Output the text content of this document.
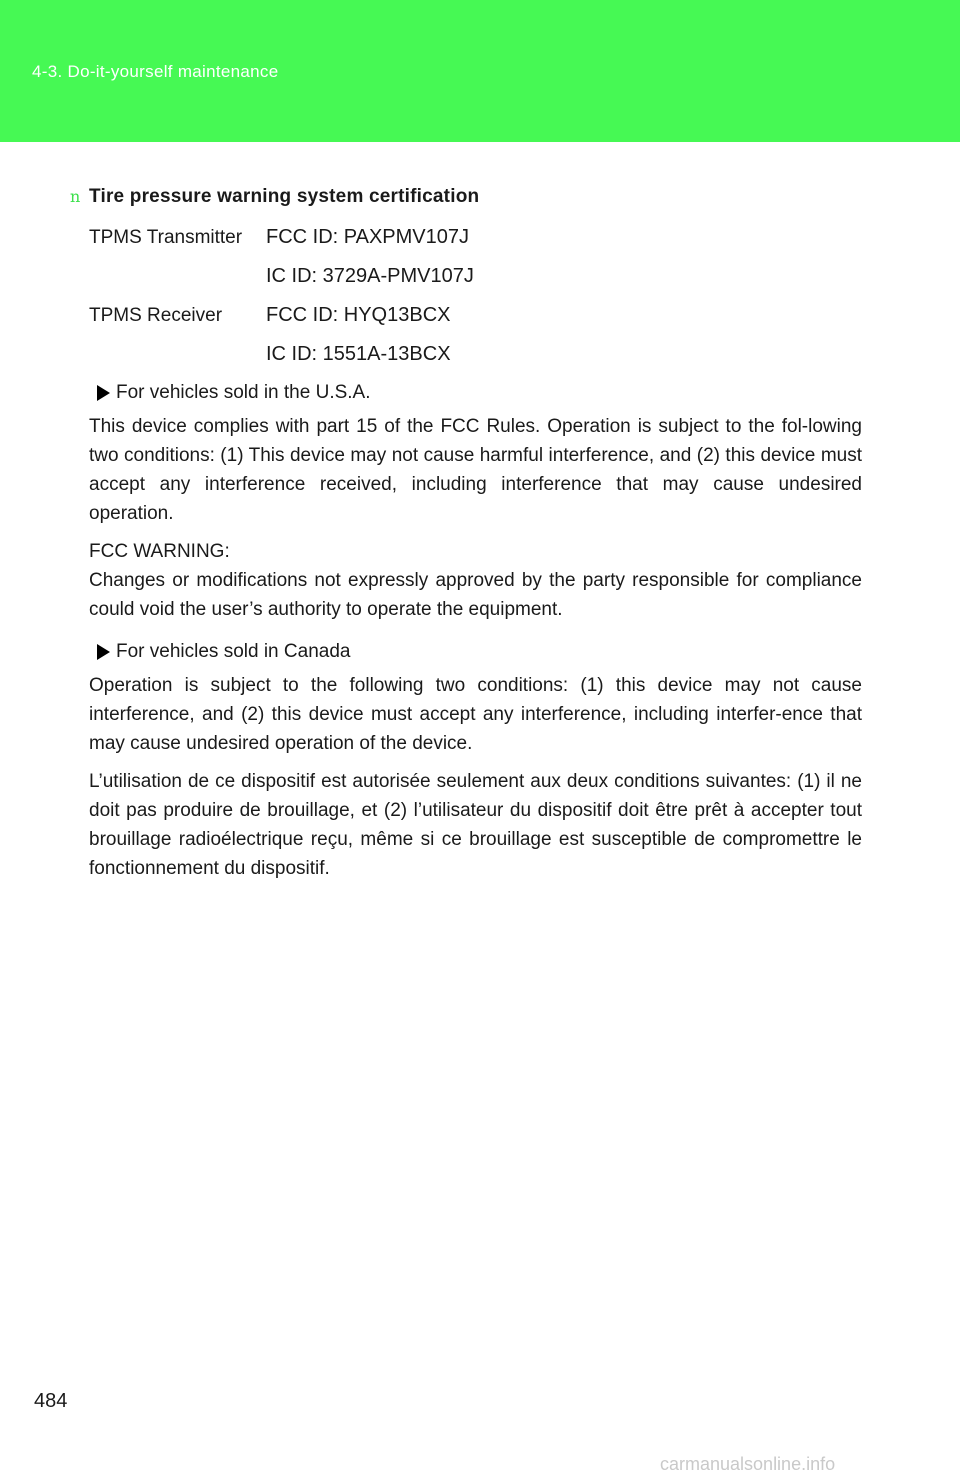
4-3. Do-it-yourself maintenance
n Tire pressure warning system certification
TPMS Transmitter FCC ID: PAXPMV107J
IC ID: 3729A-PMV107J
TPMS Receiver FCC ID: HYQ13BCX
IC ID: 1551A-13BCX
For vehicles sold in the U.S.A.

This device complies with part 15 of the FCC Rules. Operation is subject to the fol-lowing two conditions: (1) This device may not cause harmful interference, and (2) this device must accept any interference received, including interference that may cause undesired operation.

FCC WARNING:

Changes or modifications not expressly approved by the party responsible for compliance could void the user’s authority to operate the equipment.

For vehicles sold in Canada

Operation is subject to the following two conditions: (1) this device may not cause interference, and (2) this device must accept any interference, including interfer-ence that may cause undesired operation of the device.

L’utilisation de ce dispositif est autorisée seulement aux deux conditions suivantes: (1) il ne doit pas produire de brouillage, et (2) l’utilisateur du dispositif doit être prêt à accepter tout brouillage radioélectrique reçu, même si ce brouillage est susceptible de compromettre le fonctionnement du dispositif.

484
carmanualsonline.info
